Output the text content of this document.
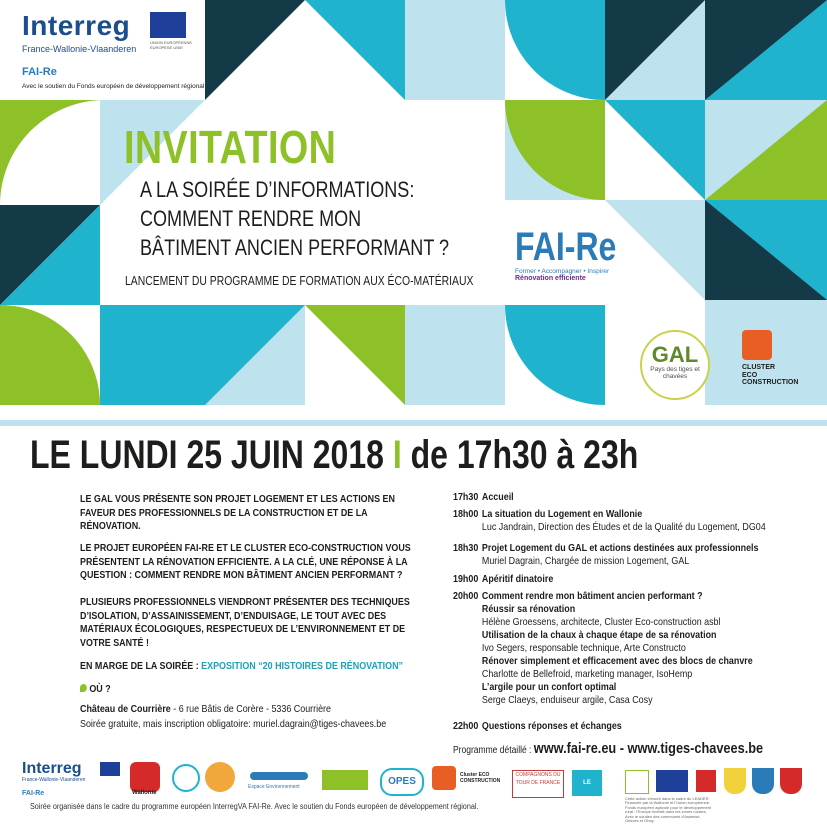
Interreg
UNION EUROPÉENNE EUROPESE UNIE
France-Wallonie-Vlaanderen
FAI-Re
Avec le soutien du Fonds européen de développement régional
INVITATION
A LA SOIRÉE D’INFORMATIONS:
COMMENT RENDRE MON
BÂTIMENT ANCIEN PERFORMANT ?
LANCEMENT DU PROGRAMME DE FORMATION AUX ÉCO-MATÉRIAUX
FAI-Re
Former • Accompagner • Inspirer
Rénovation efficiente
GAL
Pays des tiges et chavées
CLUSTER
ECO
CONSTRUCTION
LE LUNDI 25 JUIN 2018 I de 17h30 à 23h
LE GAL VOUS PRÉSENTE SON PROJET LOGEMENT ET LES ACTIONS EN FAVEUR DES PROFESSIONNELS DE LA CONSTRUCTION ET DE LA RÉNOVATION.
LE PROJET EUROPÉEN FAI-RE ET LE CLUSTER ECO-CONSTRUCTION VOUS PRÉSENTENT LA RÉNOVATION EFFICIENTE. A LA CLÉ, UNE RÉPONSE À LA QUESTION : COMMENT RENDRE MON BÂTIMENT ANCIEN PERFORMANT ?
PLUSIEURS PROFESSIONNELS VIENDRONT PRÉSENTER DES TECHNIQUES D’ISOLATION, D’ASSAINISSEMENT, D’ENDUISAGE, LE TOUT AVEC DES MATÉRIAUX ÉCOLOGIQUES, RESPECTUEUX DE L’ENVIRONNEMENT ET DE VOTRE SANTÉ !
EN MARGE DE LA SOIRÉE : EXPOSITION “20 HISTOIRES DE RÉNOVATION”
OÙ ?
Château de Courrière - 6 rue Bâtis de Corère - 5336 Courrière
Soirée gratuite, mais inscription obligatoire: muriel.dagrain@tiges-chavees.be
17h30 Accueil
18h00 La situation du Logement en Wallonie
Luc Jandrain, Direction des Études et de la Qualité du Logement, DG04
18h30 Projet Logement du GAL et actions destinées aux professionnels
Muriel Dagrain, Chargée de mission Logement, GAL
19h00 Apéritif dinatoire
20h00 Comment rendre mon bâtiment ancien performant ?
Réussir sa rénovation
Hélène Groessens, architecte, Cluster Eco-construction asbl
Utilisation de la chaux à chaque étape de sa rénovation
Ivo Segers, responsable technique, Arte Constructo
Rénover simplement et efficacement avec des blocs de chanvre
Charlotte de Bellefroid, marketing manager, IsoHemp
L’argile pour un confort optimal
Serge Claeys, enduiseur argile, Casa Cosy
22h00 Questions réponses et échanges
Programme détaillé : www.fai-re.eu - www.tiges-chavees.be
Interreg
France-Wallonie-Vlaanderen
FAI-Re	Wallonie
Espace Environnement	OPES
Cluster ECO CONSTRUCTION
COMPAGNONS DU TOUR DE FRANCE	LE FOREM
Cette action s'inscrit dans le cadre du LEADER. Financée par la Wallonie et l'Union européenne. Fonds européen agricole pour le développement rural : l'Europe investit dans les zones rurales. Avec le soutien des communes d'Assesse, Gesves et Ohey.
Soirée organisée dans le cadre du programme européen InterregVA FAI-Re. Avec le soutien du Fonds européen de développement régional.
